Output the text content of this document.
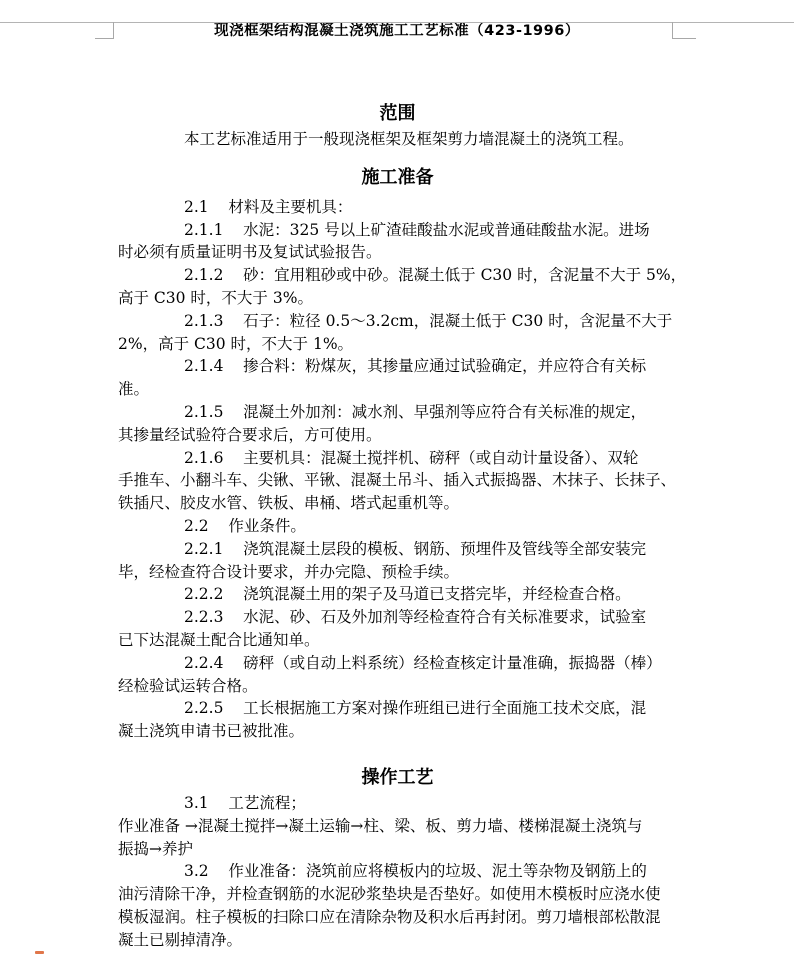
现浇框架结构混凝土浇筑施工工艺标准（423-1996）
范围
本工艺标准适用于一般现浇框架及框架剪力墙混凝土的浇筑工程。
施工准备
2.1    材料及主要机具：
2.1.1    水泥：325 号以上矿渣硅酸盐水泥或普通硅酸盐水泥。进场
时必须有质量证明书及复试试验报告。
2.1.2    砂：宜用粗砂或中砂。混凝土低于 C30 时，含泥量不大于 5%，
高于 C30 时，不大于 3%。
2.1.3    石子：粒径 0.5～3.2cm，混凝土低于 C30 时，含泥量不大于
2%，高于 C30 时，不大于 1%。
2.1.4    掺合料：粉煤灰，其掺量应通过试验确定，并应符合有关标
准。
2.1.5    混凝土外加剂：减水剂、早强剂等应符合有关标准的规定，
其掺量经试验符合要求后，方可使用。
2.1.6    主要机具：混凝土搅拌机、磅秤（或自动计量设备）、双轮
手推车、小翻斗车、尖锹、平锹、混凝土吊斗、插入式振捣器、木抹子、长抹子、
铁插尺、胶皮水管、铁板、串桶、塔式起重机等。
2.2    作业条件。
2.2.1    浇筑混凝土层段的模板、钢筋、预埋件及管线等全部安装完
毕，经检查符合设计要求，并办完隐、预检手续。
2.2.2    浇筑混凝土用的架子及马道已支搭完毕，并经检查合格。
2.2.3    水泥、砂、石及外加剂等经检查符合有关标准要求，试验室
已下达混凝土配合比通知单。
2.2.4    磅秤（或自动上料系统）经检查核定计量准确，振捣器（棒）
经检验试运转合格。
2.2.5    工长根据施工方案对操作班组已进行全面施工技术交底，混
凝土浇筑申请书已被批准。
操作工艺
3.1    工艺流程；
作业准备 →混凝土搅拌→凝土运输→柱、梁、板、剪力墙、楼梯混凝土浇筑与
振捣→养护
3.2    作业准备：浇筑前应将模板内的垃圾、泥土等杂物及钢筋上的
油污清除干净，并检查钢筋的水泥砂浆垫块是否垫好。如使用木模板时应浇水使
模板湿润。柱子模板的扫除口应在清除杂物及积水后再封闭。剪刀墙根部松散混
凝土已剔掉清净。
